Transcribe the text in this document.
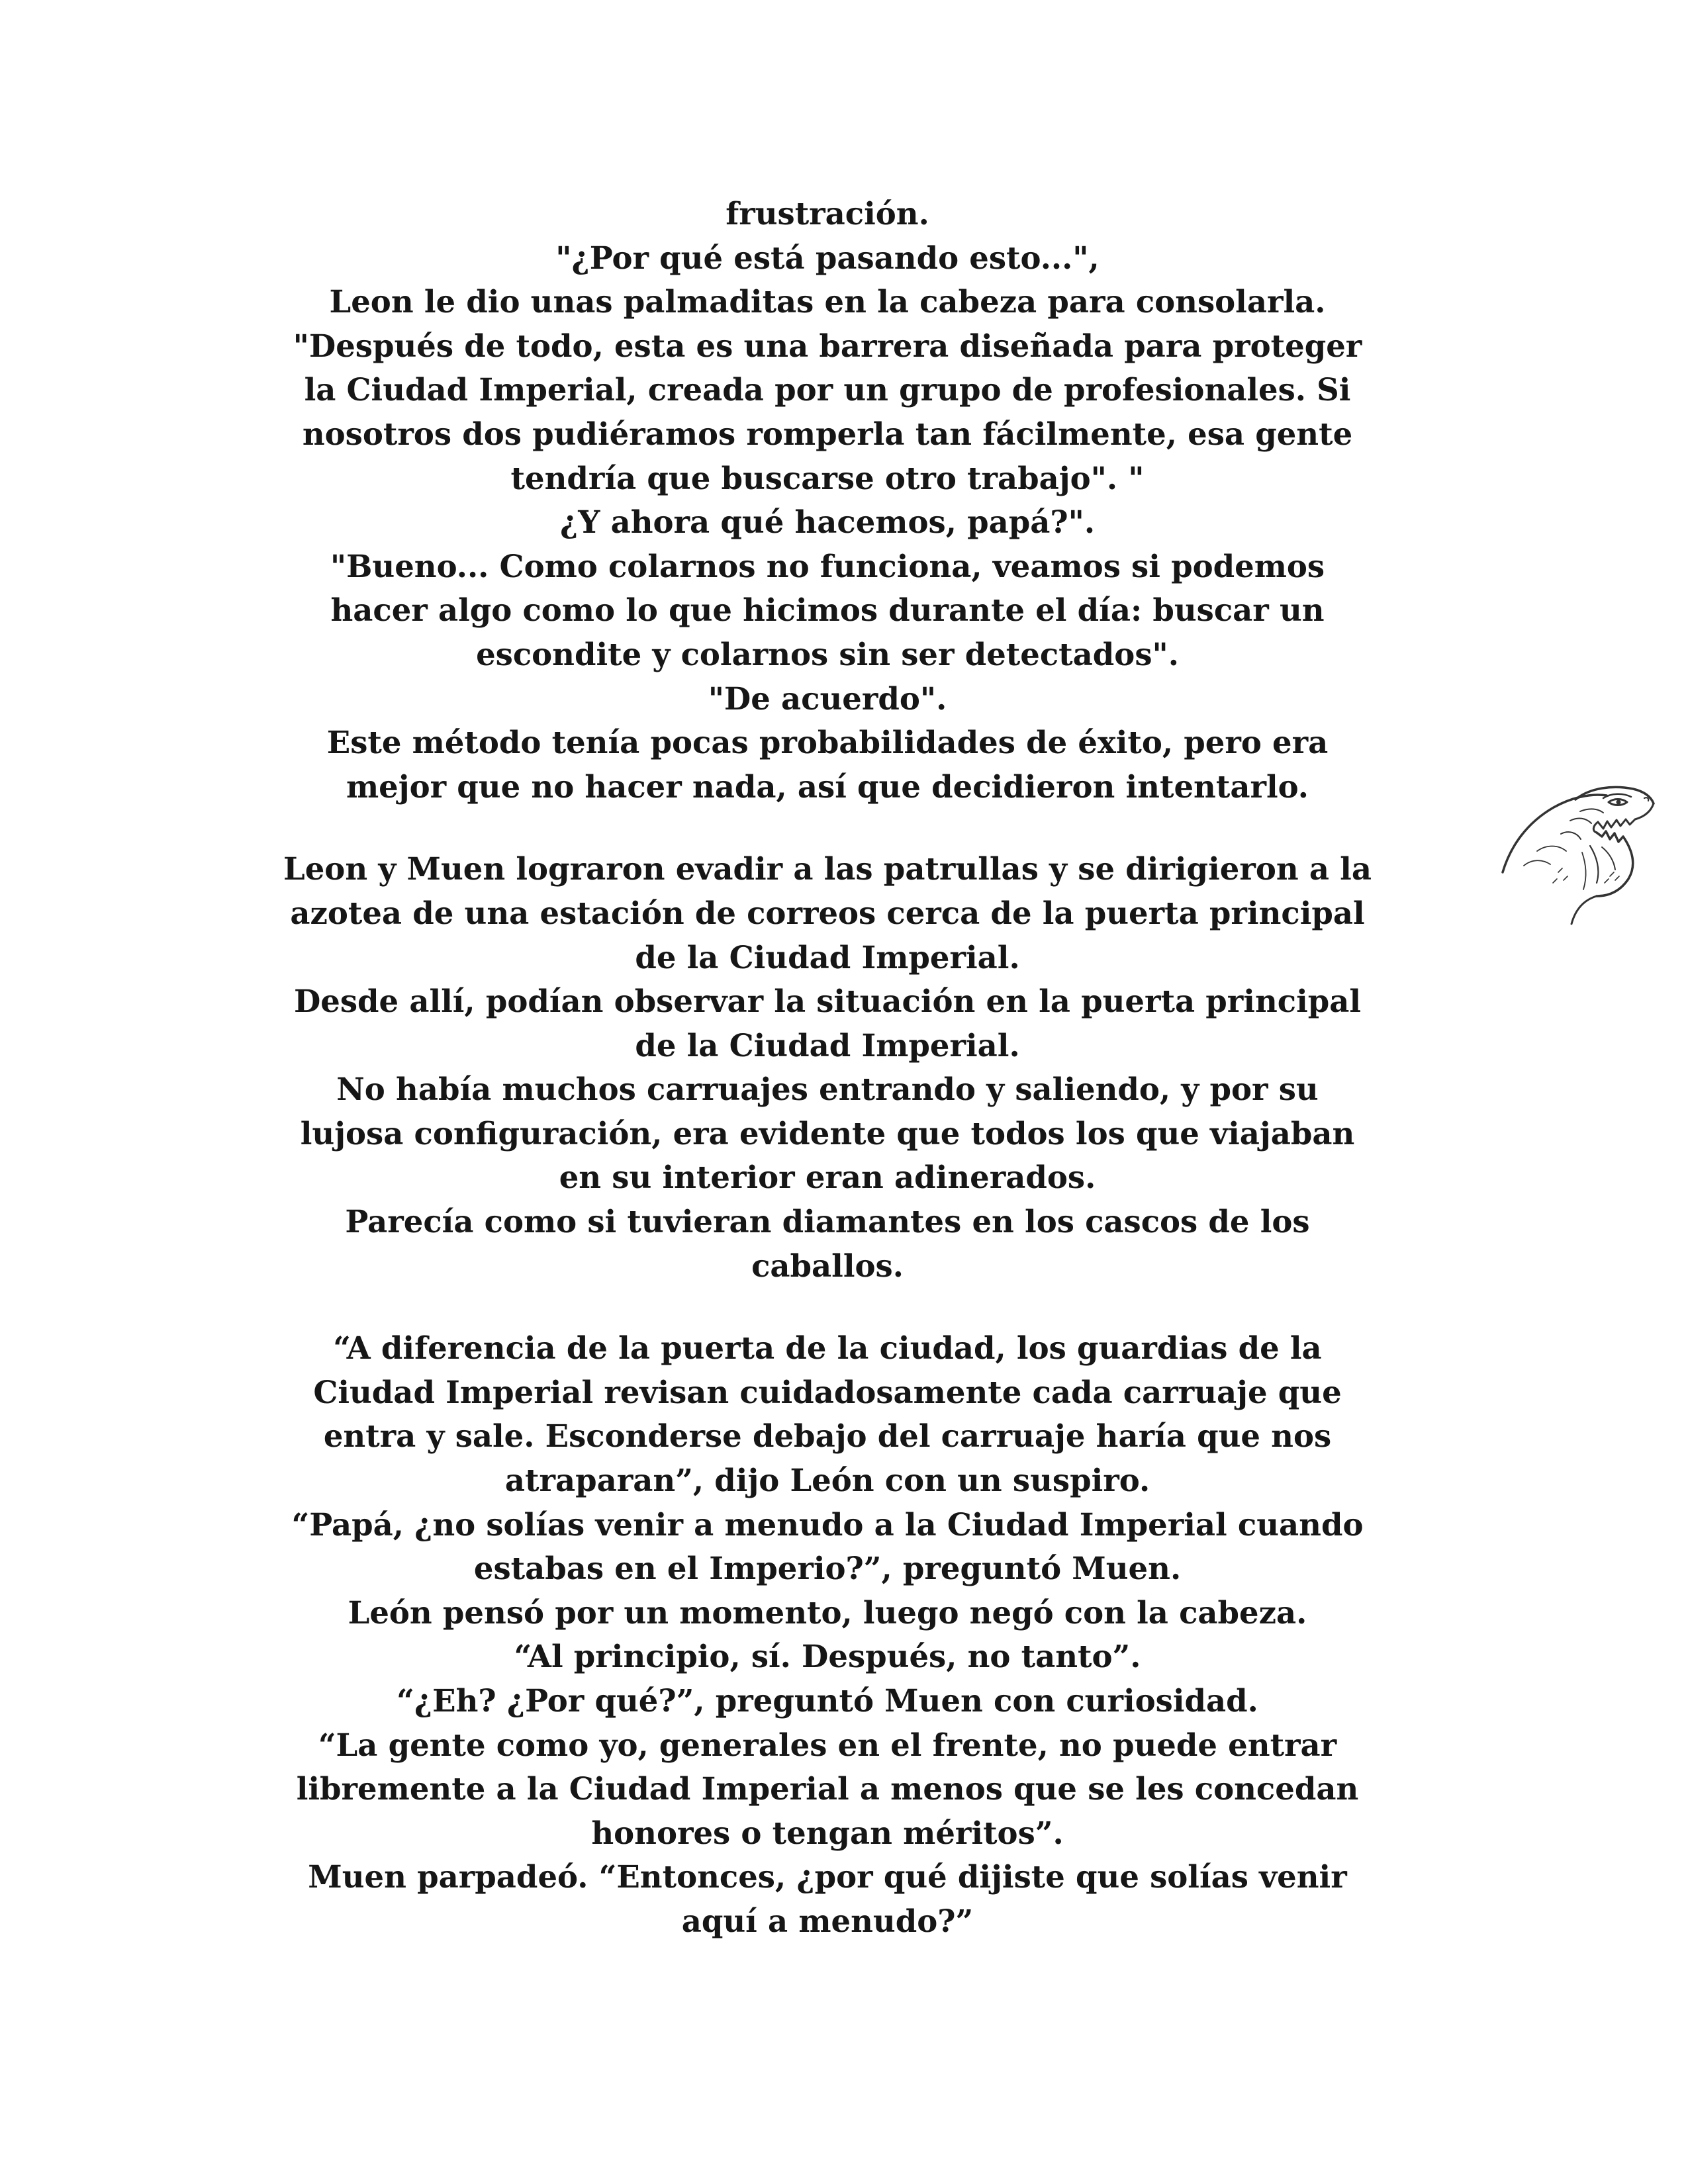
frustración.
"¿Por qué está pasando esto...",
Leon le dio unas palmaditas en la cabeza para consolarla.
"Después de todo, esta es una barrera diseñada para proteger
la Ciudad Imperial, creada por un grupo de profesionales. Si
nosotros dos pudiéramos romperla tan fácilmente, esa gente
tendría que buscarse otro trabajo". "
¿Y ahora qué hacemos, papá?".
"Bueno... Como colarnos no funciona, veamos si podemos
hacer algo como lo que hicimos durante el día: buscar un
escondite y colarnos sin ser detectados".
"De acuerdo".
Este método tenía pocas probabilidades de éxito, pero era
mejor que no hacer nada, así que decidieron intentarlo.
Leon y Muen lograron evadir a las patrullas y se dirigieron a la
azotea de una estación de correos cerca de la puerta principal
de la Ciudad Imperial.
Desde allí, podían observar la situación en la puerta principal
de la Ciudad Imperial.
No había muchos carruajes entrando y saliendo, y por su
lujosa configuración, era evidente que todos los que viajaban
en su interior eran adinerados.
Parecía como si tuvieran diamantes en los cascos de los
caballos.
“A diferencia de la puerta de la ciudad, los guardias de la
Ciudad Imperial revisan cuidadosamente cada carruaje que
entra y sale. Esconderse debajo del carruaje haría que nos
atraparan”, dijo León con un suspiro.
“Papá, ¿no solías venir a menudo a la Ciudad Imperial cuando
estabas en el Imperio?”, preguntó Muen.
León pensó por un momento, luego negó con la cabeza.
“Al principio, sí. Después, no tanto”.
“¿Eh? ¿Por qué?”, preguntó Muen con curiosidad.
“La gente como yo, generales en el frente, no puede entrar
libremente a la Ciudad Imperial a menos que se les concedan
honores o tengan méritos”.
Muen parpadeó. “Entonces, ¿por qué dijiste que solías venir
aquí a menudo?”
